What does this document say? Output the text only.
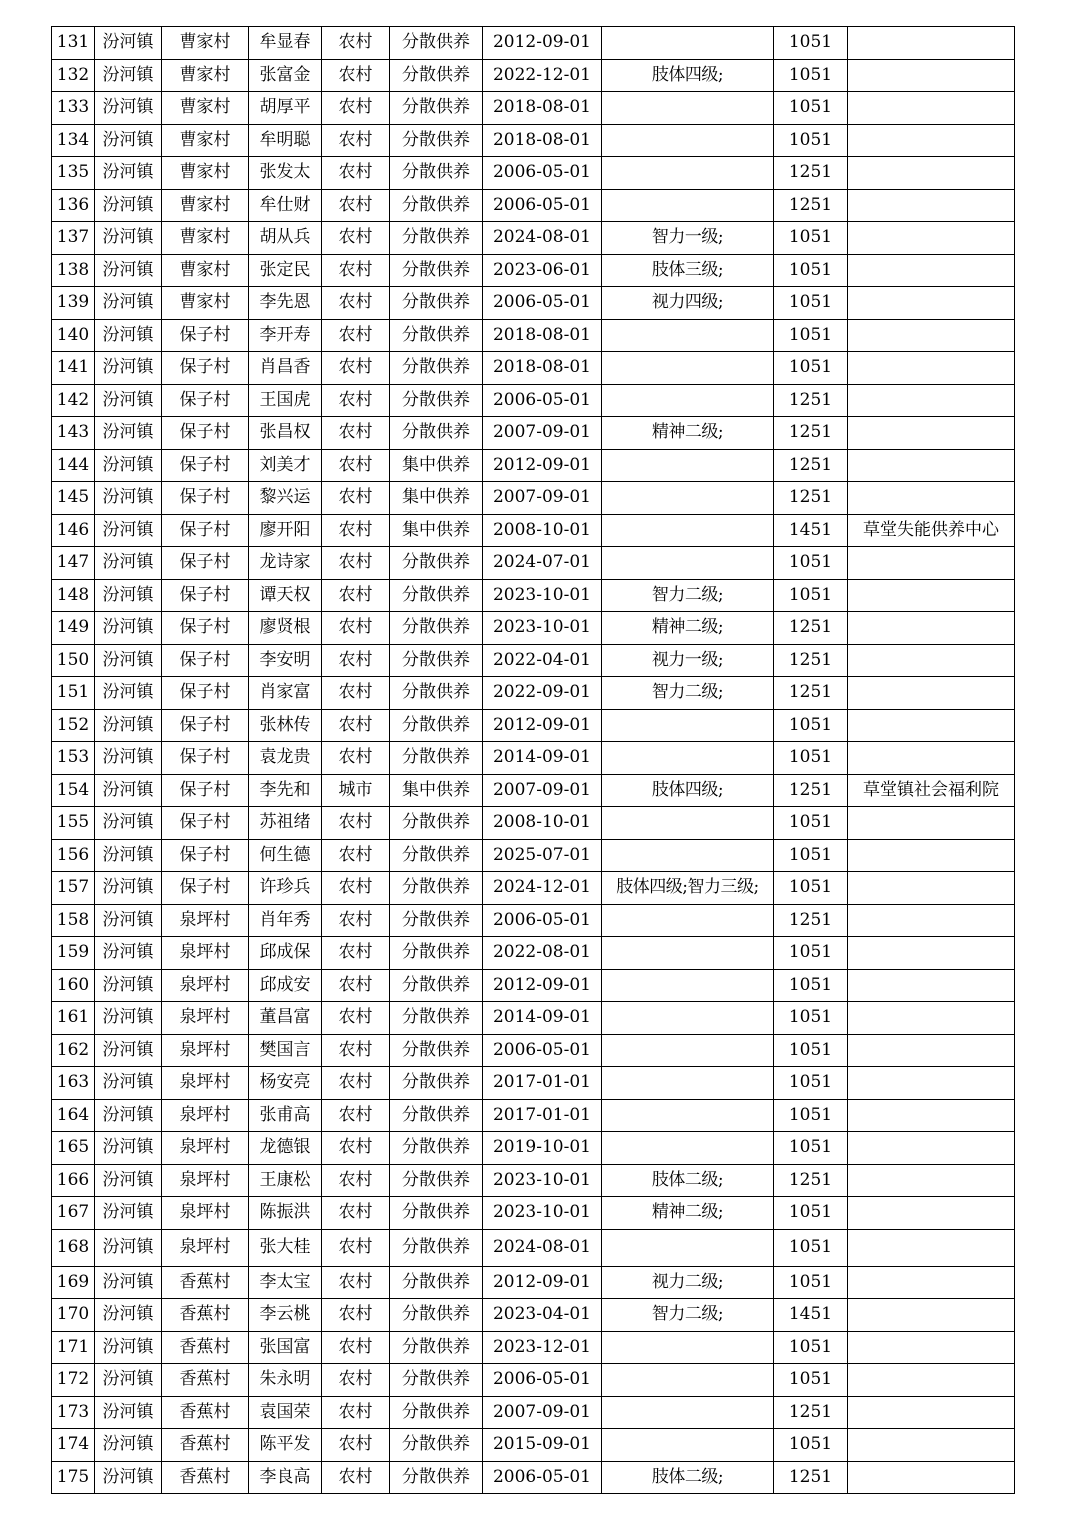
131	汾河镇	曹家村	牟显春	农村	分散供养	2012-09-01		1051	
132	汾河镇	曹家村	张富金	农村	分散供养	2022-12-01	肢体四级;	1051	
133	汾河镇	曹家村	胡厚平	农村	分散供养	2018-08-01		1051	
134	汾河镇	曹家村	牟明聪	农村	分散供养	2018-08-01		1051	
135	汾河镇	曹家村	张发太	农村	分散供养	2006-05-01		1251	
136	汾河镇	曹家村	牟仕财	农村	分散供养	2006-05-01		1251	
137	汾河镇	曹家村	胡从兵	农村	分散供养	2024-08-01	智力一级;	1051	
138	汾河镇	曹家村	张定民	农村	分散供养	2023-06-01	肢体三级;	1051	
139	汾河镇	曹家村	李先恩	农村	分散供养	2006-05-01	视力四级;	1051	
140	汾河镇	保子村	李开寿	农村	分散供养	2018-08-01		1051	
141	汾河镇	保子村	肖昌香	农村	分散供养	2018-08-01		1051	
142	汾河镇	保子村	王国虎	农村	分散供养	2006-05-01		1251	
143	汾河镇	保子村	张昌权	农村	分散供养	2007-09-01	精神二级;	1251	
144	汾河镇	保子村	刘美才	农村	集中供养	2012-09-01		1251	
145	汾河镇	保子村	黎兴运	农村	集中供养	2007-09-01		1251	
146	汾河镇	保子村	廖开阳	农村	集中供养	2008-10-01		1451	草堂失能供养中心
147	汾河镇	保子村	龙诗家	农村	分散供养	2024-07-01		1051	
148	汾河镇	保子村	谭天权	农村	分散供养	2023-10-01	智力二级;	1051	
149	汾河镇	保子村	廖贤根	农村	分散供养	2023-10-01	精神二级;	1251	
150	汾河镇	保子村	李安明	农村	分散供养	2022-04-01	视力一级;	1251	
151	汾河镇	保子村	肖家富	农村	分散供养	2022-09-01	智力二级;	1251	
152	汾河镇	保子村	张林传	农村	分散供养	2012-09-01		1051	
153	汾河镇	保子村	袁龙贵	农村	分散供养	2014-09-01		1051	
154	汾河镇	保子村	李先和	城市	集中供养	2007-09-01	肢体四级;	1251	草堂镇社会福利院
155	汾河镇	保子村	苏祖绪	农村	分散供养	2008-10-01		1051	
156	汾河镇	保子村	何生德	农村	分散供养	2025-07-01		1051	
157	汾河镇	保子村	许珍兵	农村	分散供养	2024-12-01	肢体四级;智力三级;	1051	
158	汾河镇	泉坪村	肖年秀	农村	分散供养	2006-05-01		1251	
159	汾河镇	泉坪村	邱成保	农村	分散供养	2022-08-01		1051	
160	汾河镇	泉坪村	邱成安	农村	分散供养	2012-09-01		1051	
161	汾河镇	泉坪村	董昌富	农村	分散供养	2014-09-01		1051	
162	汾河镇	泉坪村	樊国言	农村	分散供养	2006-05-01		1051	
163	汾河镇	泉坪村	杨安亮	农村	分散供养	2017-01-01		1051	
164	汾河镇	泉坪村	张甫高	农村	分散供养	2017-01-01		1051	
165	汾河镇	泉坪村	龙德银	农村	分散供养	2019-10-01		1051	
166	汾河镇	泉坪村	王康松	农村	分散供养	2023-10-01	肢体二级;	1251	
167	汾河镇	泉坪村	陈振洪	农村	分散供养	2023-10-01	精神二级;	1051	
168	汾河镇	泉坪村	张大桂	农村	分散供养	2024-08-01		1051	
169	汾河镇	香蕉村	李太宝	农村	分散供养	2012-09-01	视力二级;	1051	
170	汾河镇	香蕉村	李云桃	农村	分散供养	2023-04-01	智力二级;	1451	
171	汾河镇	香蕉村	张国富	农村	分散供养	2023-12-01		1051	
172	汾河镇	香蕉村	朱永明	农村	分散供养	2006-05-01		1051	
173	汾河镇	香蕉村	袁国荣	农村	分散供养	2007-09-01		1251	
174	汾河镇	香蕉村	陈平发	农村	分散供养	2015-09-01		1051	
175	汾河镇	香蕉村	李良高	农村	分散供养	2006-05-01	肢体二级;	1251	
